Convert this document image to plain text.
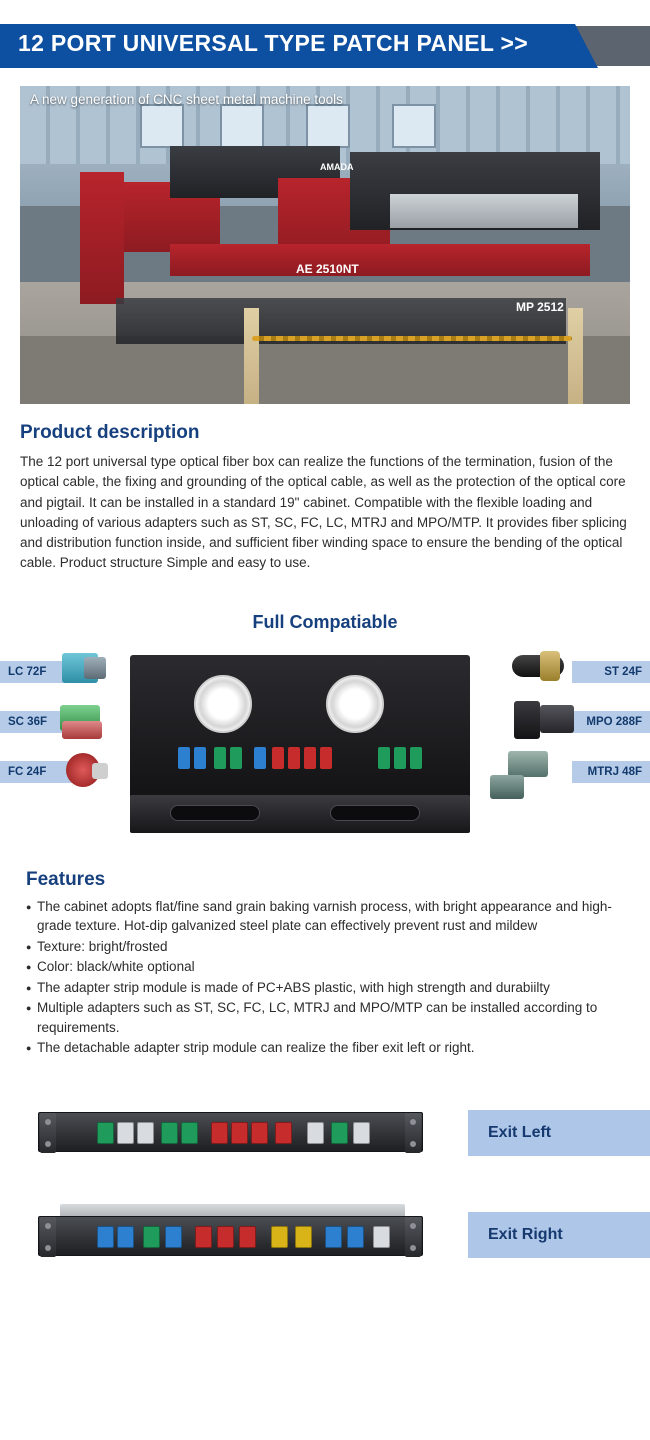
12 PORT UNIVERSAL TYPE PATCH PANEL >>
AMADA
AE 2510NT
MP 2512
A new generation of CNC sheet metal machine tools
Product description

The 12 port universal type optical fiber box can realize the functions of the termination, fusion of the optical cable, the fixing and grounding of the optical cable, as well as the protection of the optical core and pigtail. It can be installed in a standard 19" cabinet. Compatible with the flexible loading and unloading of various adapters such as ST, SC, FC, LC, MTRJ and MPO/MTP. It provides fiber splicing and distribution function inside, and sufficient fiber winding space to ensure the bending of the optical cable. Product structure Simple and easy to use.

Full Compatiable
LC 72F
SC 36F
FC 24F
ST 24F
MPO 288F
MTRJ 48F
Features
● The cabinet adopts flat/fine sand grain baking varnish process, with bright appearance and high-grade texture. Hot-dip galvanized steel plate can effectively prevent rust and mildew
● Texture: bright/frosted
● Color: black/white optional
● The adapter strip module is made of PC+ABS plastic, with high strength and durabiilty
● Multiple adapters such as ST, SC, FC, LC, MTRJ and MPO/MTP can be installed according to requirements.
● The detachable adapter strip module can realize the fiber exit left or right.
Exit Left
Exit Right
